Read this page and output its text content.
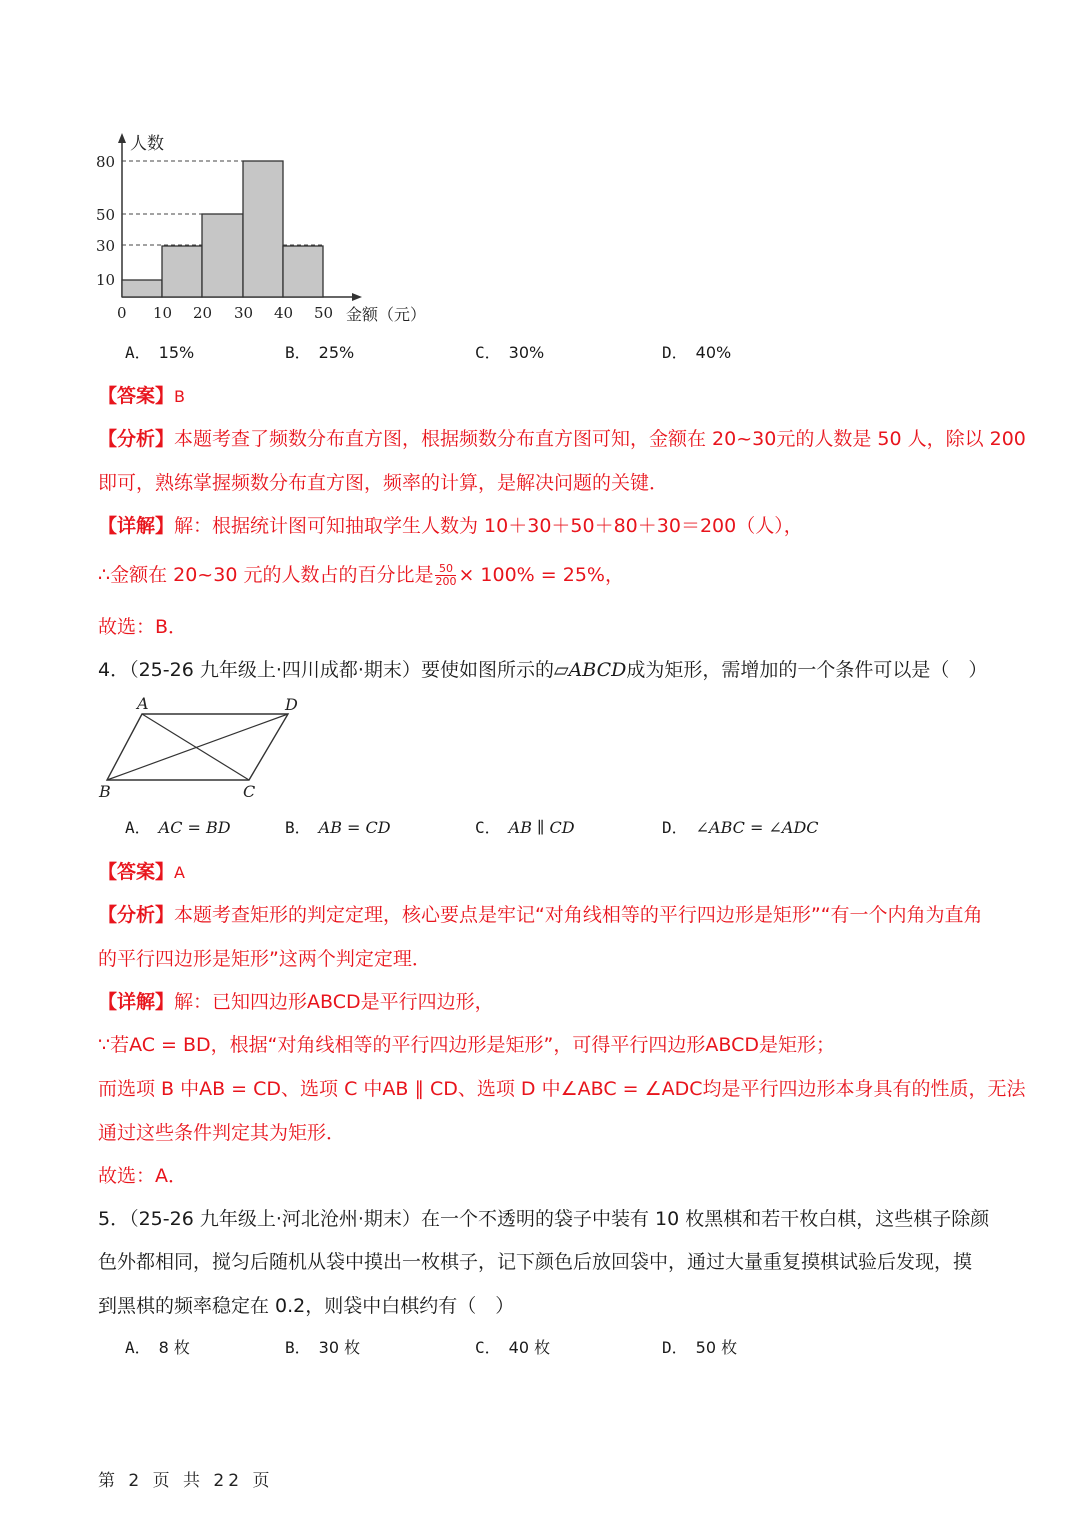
人数
80
50
30
10
0 10 20 30 40 50 金额（元）
A． 15%	B． 25%	C． 30%	D． 40%
【答案】B
【分析】本题考查了频数分布直方图，根据频数分布直方图可知，金额在 20~30元的人数是 50 人，除以 200
即可，熟练掌握频数分布直方图，频率的计算，是解决问题的关键．
【详解】解：根据统计图可知抽取学生人数为 10＋30＋50＋80＋30＝200（人），
∴金额在 20~30 元的人数占的百分比是 $\frac{50}{200} \times 100\% = 25\%$，
故选：B．
4．（25-26 九年级上·四川成都·期末）要使如图所示的▱ABCD成为矩形，需增加的一个条件可以是（　）
A	D
B	C
A． AC = BD	B． AB = CD	C． AB ∥ CD	D． ∠ABC = ∠ADC
【答案】A
【分析】本题考查矩形的判定定理，核心要点是牢记“对角线相等的平行四边形是矩形”“有一个内角为直角
的平行四边形是矩形”这两个判定定理．
【详解】解：已知四边形ABCD是平行四边形，
∵若AC = BD，根据“对角线相等的平行四边形是矩形”，可得平行四边形ABCD是矩形；
而选项 B 中AB = CD、选项 C 中AB ∥ CD、选项 D 中∠ABC = ∠ADC均是平行四边形本身具有的性质，无法
通过这些条件判定其为矩形．
故选：A．
5．（25-26 九年级上·河北沧州·期末）在一个不透明的袋子中装有 10 枚黑棋和若干枚白棋，这些棋子除颜
色外都相同，搅匀后随机从袋中摸出一枚棋子，记下颜色后放回袋中，通过大量重复摸棋试验后发现，摸
到黑棋的频率稳定在 0.2，则袋中白棋约有（　）
A． 8 枚	B． 30 枚	C． 40 枚	D． 50 枚
第 2 页 共 22 页
